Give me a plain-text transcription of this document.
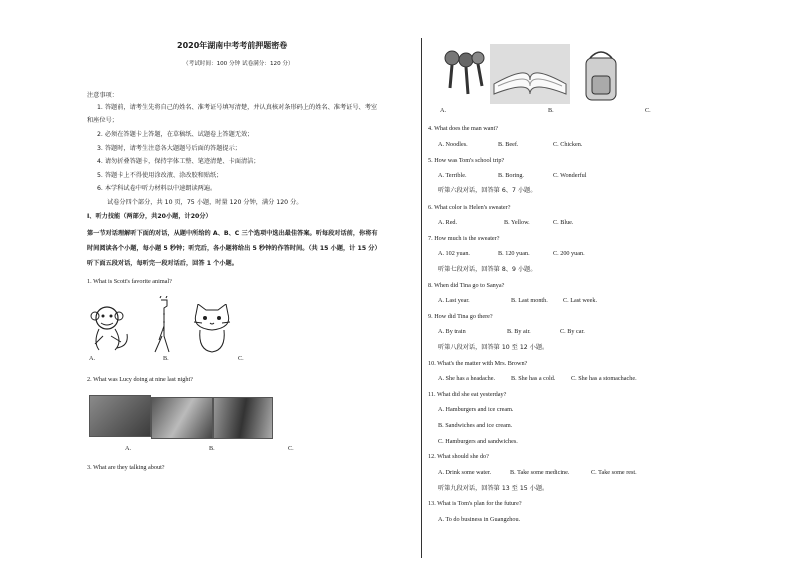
2020年湖南中考考前押题密卷
（考试时间：100 分钟 试卷满分：120 分）
注意事项：
1. 答题前，请考生先将自己的姓名、准考证号填写清楚，并认真核对条形码上的姓名、准考证号、考室
和座位号；
2. 必须在答题卡上答题，在草稿纸、试题卷上答题无效；
3. 答题时，请考生注意各大题题号后面的答题提示；
4. 请勿折叠答题卡，保持字体工整、笔迹清楚、卡面清洁；
5. 答题卡上不得使用涂改液、涂改胶和贴纸；
6. 本学科试卷中听力材料以中速朗读两遍。
试卷分四个部分，共 10 页，75 小题，时量 120 分钟，满分 120 分。
I、听力技能（两部分，共20小题，计20分）
第一节对话理解听下面的对话，从题中所给的 A、B、C 三个选项中选出最佳答案。听每段对话前，你将有
时间阅读各个小题，每小题 5 秒钟；听完后，各小题将给出 5 秒钟的作答时间。（共 15 小题，计 15 分）
听下面五段对话，每听完一段对话后，回答 1 个小题。
1. What is Scott's favorite animal?
A.	B.	C.
2. What was Lucy doing at nine last night?
A.	B.	C.
3. What are they talking about?
A.	B.	C.
4. What does the man want?
A. Noodles.	B. Beef.	C. Chicken.
5. How was Tom's school trip?
A. Terrible.	B. Boring.	C. Wonderful
听第六段对话，回答第 6、7 小题。
6. What color is Helen's sweater?
A. Red.	B. Yellow.	C. Blue.
7. How much is the sweater?
A. 102 yuan.	B. 120 yuan.	C. 200 yuan.
听第七段对话，回答第 8、9 小题。
8. When did Tina go to Sanya?
A. Last year.	B. Last month. C. Last week.
9. How did Tina go there?
A. By train	B. By air.	C. By car.
听第八段对话，回答第 10 至 12 小题。
10. What's the matter with Mrs. Brown?
A. She has a headache.	B. She has a cold.	C. She has a stomachache.
11. What did she eat yesterday?
A. Hamburgers and ice cream.
B. Sandwiches and ice cream.
C. Hamburgers and sandwiches.
12. What should she do?
A. Drink some water.	B. Take some medicine.	C. Take some rest.
听第九段对话，回答第 13 至 15 小题。
13. What is Tom's plan for the future?
A. To do business in Guangzhou.
